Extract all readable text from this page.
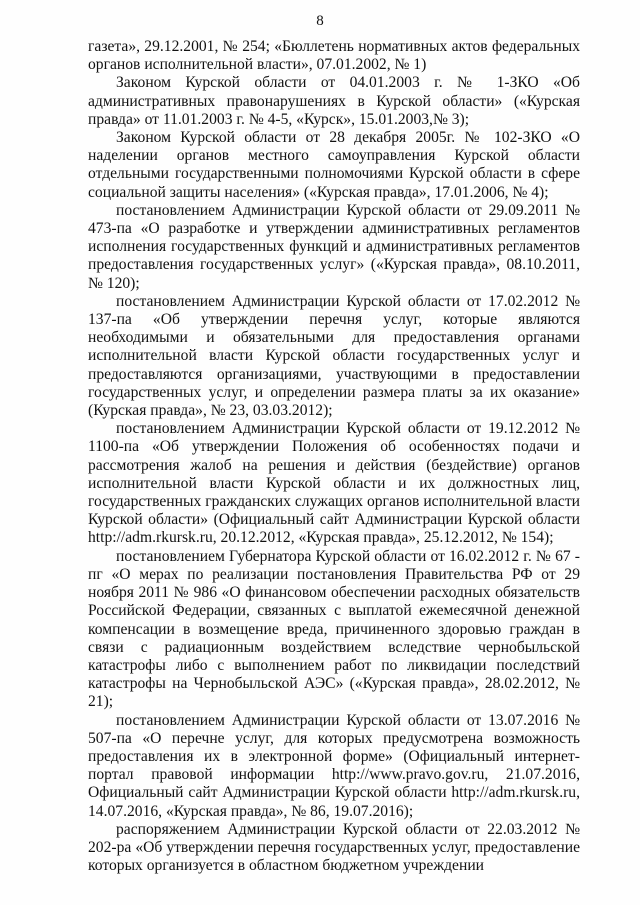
8

газета», 29.12.2001, № 254; «Бюллетень нормативных актов федеральных органов исполнительной власти», 07.01.2002, № 1)

Законом Курской области от 04.01.2003 г. № 1-ЗКО «Об административных правонарушениях в Курской области» («Курская правда» от 11.01.2003 г. № 4-5, «Курск», 15.01.2003,№ 3);

Законом Курской области от 28 декабря 2005г. № 102-ЗКО «О наделении органов местного самоуправления Курской области отдельными государственными полномочиями Курской области в сфере социальной защиты населения» («Курская правда», 17.01.2006, № 4);

постановлением Администрации Курской области от 29.09.2011 № 473-па «О разработке и утверждении административных регламентов исполнения государственных функций и административных регламентов предоставления государственных услуг» («Курская правда», 08.10.2011, № 120);

постановлением Администрации Курской области от 17.02.2012 № 137-па «Об утверждении перечня услуг, которые являются необходимыми и обязательными для предоставления органами исполнительной власти Курской области государственных услуг и предоставляются организациями, участвующими в предоставлении государственных услуг, и определении размера платы за их оказание» (Курская правда», № 23, 03.03.2012);

постановлением Администрации Курской области от 19.12.2012 № 1100-па «Об утверждении Положения об особенностях подачи и рассмотрения жалоб на решения и действия (бездействие) органов исполнительной власти Курской области и их должностных лиц, государственных гражданских служащих органов исполнительной власти Курской области» (Официальный сайт Администрации Курской области http://adm.rkursk.ru, 20.12.2012, «Курская правда», 25.12.2012, № 154);

постановлением Губернатора Курской области от 16.02.2012 г. № 67 - пг «О мерах по реализации постановления Правительства РФ от 29 ноября 2011 № 986 «О финансовом обеспечении расходных обязательств Российской Федерации, связанных с выплатой ежемесячной денежной компенсации в возмещение вреда, причиненного здоровью граждан в связи с радиационным воздействием вследствие чернобыльской катастрофы либо с выполнением работ по ликвидации последствий катастрофы на Чернобыльской АЭС» («Курская правда», 28.02.2012, № 21);

постановлением Администрации Курской области от 13.07.2016 № 507-па «О перечне услуг, для которых предусмотрена возможность предоставления их в электронной форме» (Официальный интернет-портал правовой информации http://www.pravo.gov.ru, 21.07.2016, Официальный сайт Администрации Курской области http://adm.rkursk.ru, 14.07.2016, «Курская правда», № 86, 19.07.2016);

распоряжением Администрации Курской области от 22.03.2012 № 202-ра «Об утверждении перечня государственных услуг, предоставление которых организуется в областном бюджетном учреждении
